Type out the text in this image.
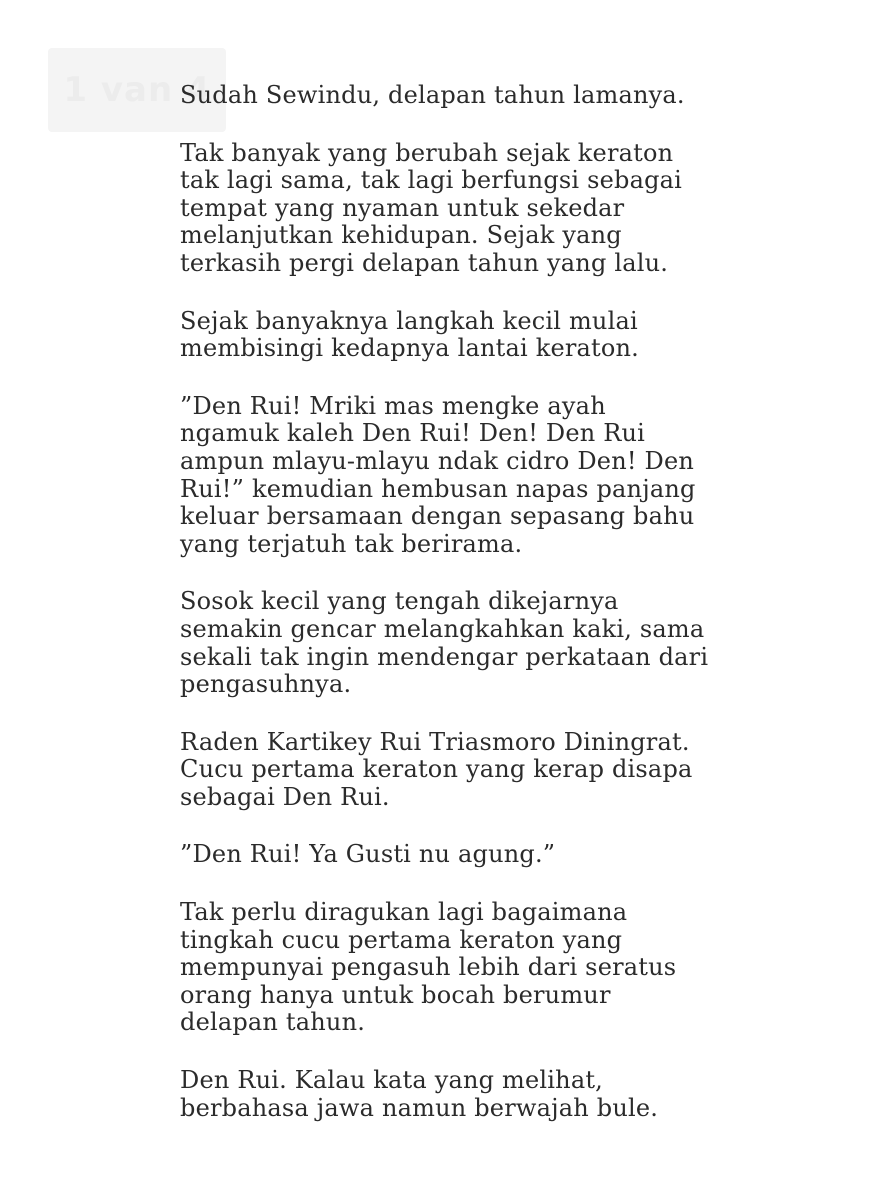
1 van 4

Sudah Sewindu, delapan tahun lamanya.

Tak banyak yang berubah sejak keraton
tak lagi sama, tak lagi berfungsi sebagai
tempat yang nyaman untuk sekedar
melanjutkan kehidupan. Sejak yang
terkasih pergi delapan tahun yang lalu.

Sejak banyaknya langkah kecil mulai
membisingi kedapnya lantai keraton.

”Den Rui! Mriki mas mengke ayah
ngamuk kaleh Den Rui! Den! Den Rui
ampun mlayu-mlayu ndak cidro Den! Den
Rui!” kemudian hembusan napas panjang
keluar bersamaan dengan sepasang bahu
yang terjatuh tak berirama.

Sosok kecil yang tengah dikejarnya
semakin gencar melangkahkan kaki, sama
sekali tak ingin mendengar perkataan dari
pengasuhnya.

Raden Kartikey Rui Triasmoro Diningrat.
Cucu pertama keraton yang kerap disapa
sebagai Den Rui.

”Den Rui! Ya Gusti nu agung.”

Tak perlu diragukan lagi bagaimana
tingkah cucu pertama keraton yang
mempunyai pengasuh lebih dari seratus
orang hanya untuk bocah berumur
delapan tahun.

Den Rui. Kalau kata yang melihat,
berbahasa jawa namun berwajah bule.
